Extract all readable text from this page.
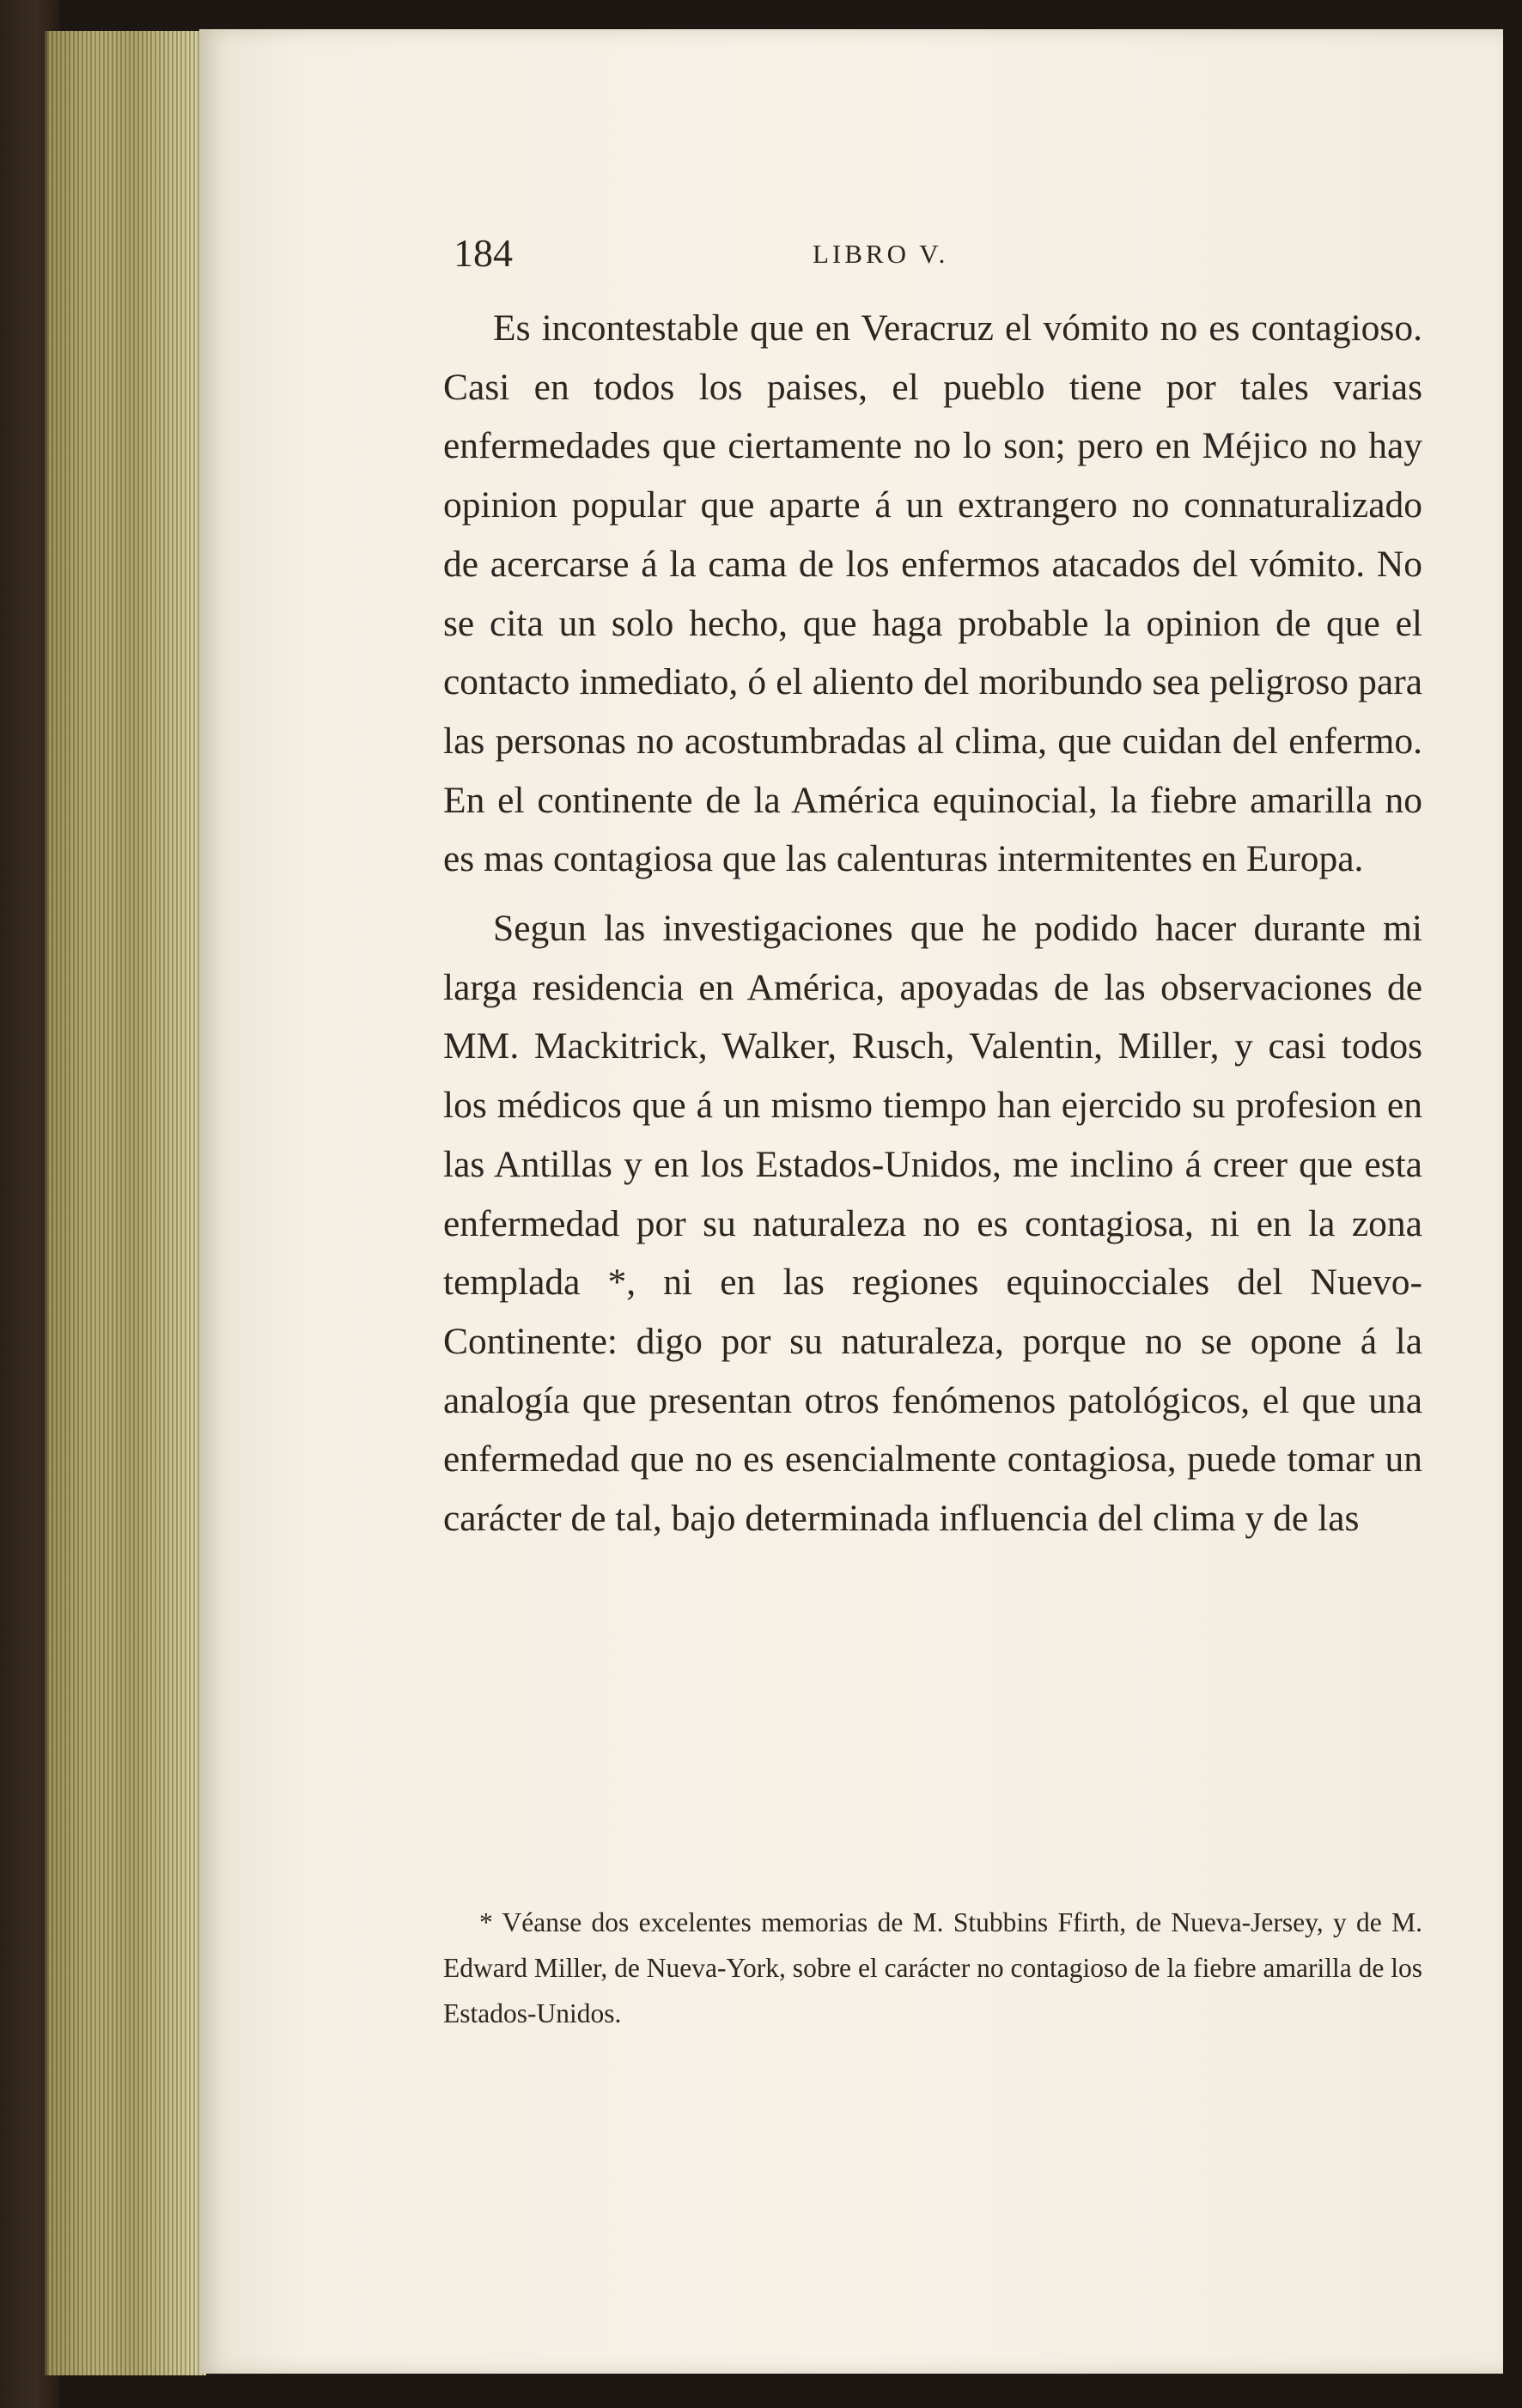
184	LIBRO V.

Es incontestable que en Veracruz el vómito no es contagioso. Casi en todos los paises, el pueblo tiene por tales varias enfermedades que ciertamente no lo son; pero en Méjico no hay opinion popular que aparte á un extrangero no connaturalizado de acercarse á la cama de los enfermos atacados del vómito. No se cita un solo hecho, que haga probable la opinion de que el contacto inmediato, ó el aliento del moribundo sea peligroso para las personas no acostumbradas al clima, que cuidan del enfermo. En el continente de la América equinocial, la fiebre amarilla no es mas contagiosa que las calenturas intermitentes en Europa.

Segun las investigaciones que he podido hacer durante mi larga residencia en América, apoyadas de las observaciones de MM. Mackitrick, Walker, Rusch, Valentin, Miller, y casi todos los médicos que á un mismo tiempo han ejercido su profesion en las Antillas y en los Estados-Unidos, me inclino á creer que esta enfermedad por su naturaleza no es contagiosa, ni en la zona templada *, ni en las regiones equinocciales del Nuevo-Continente: digo por su naturaleza, porque no se opone á la analogía que presentan otros fenómenos patológicos, el que una enfermedad que no es esencialmente contagiosa, puede tomar un carácter de tal, bajo determinada influencia del clima y de las

* Véanse dos excelentes memorias de M. Stubbins Ffirth, de Nueva-Jersey, y de M. Edward Miller, de Nueva-York, sobre el carácter no contagioso de la fiebre amarilla de los Estados-Unidos.
